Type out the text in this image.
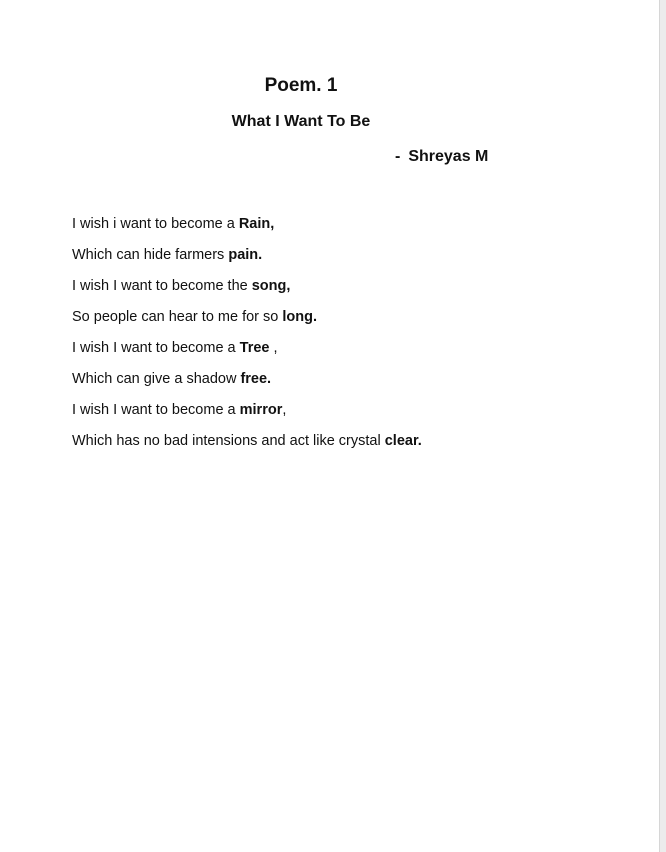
Poem. 1
What I Want To Be
- Shreyas M
I wish i want to become a Rain,
Which can hide farmers pain.
I wish I want to become the song,
So people can hear to me for so long.
I wish I want to become a Tree ,
Which can give a shadow free.
I wish I want to become a mirror,
Which has no bad intensions and act like crystal clear.
